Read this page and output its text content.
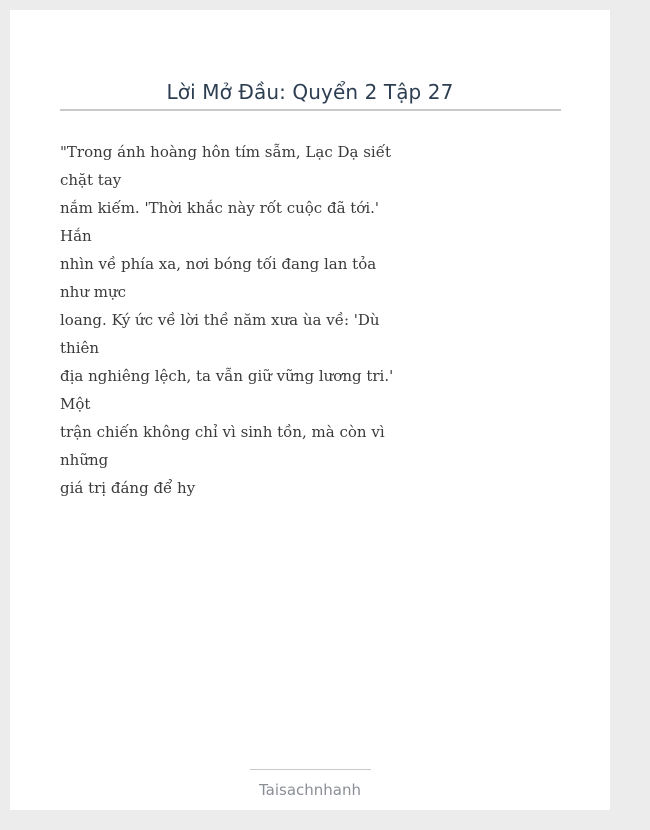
Lời Mở Đầu: Quyển 2 Tập 27
"Trong ánh hoàng hôn tím sẫm, Lạc Dạ siết
chặt tay
nắm kiếm. 'Thời khắc này rốt cuộc đã tới.'
Hắn
nhìn về phía xa, nơi bóng tối đang lan tỏa
như mực
loang. Ký ức về lời thề năm xưa ùa về: 'Dù
thiên
địa nghiêng lệch, ta vẫn giữ vững lương tri.'
Một
trận chiến không chỉ vì sinh tồn, mà còn vì
những
giá trị đáng để hy
Taisachnhanh
